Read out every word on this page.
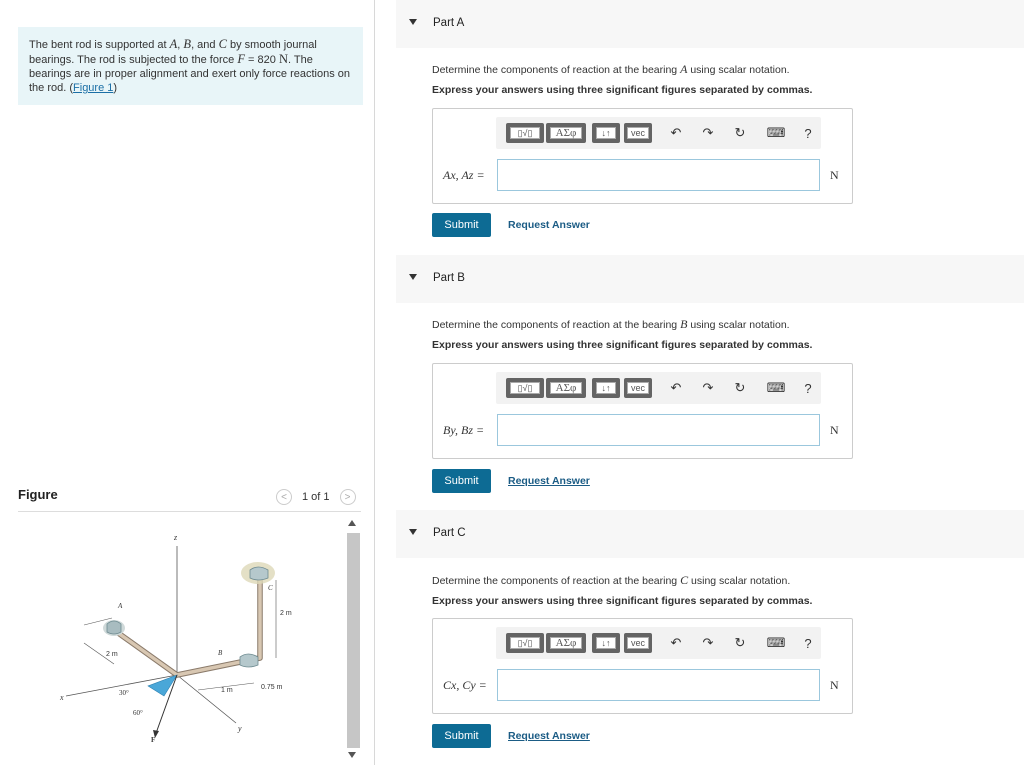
The bent rod is supported at A, B, and C by smooth journal bearings. The rod is subjected to the force F = 820 N. The bearings are in proper alignment and exert only force reactions on the rod. (Figure 1)
Figure	< 1 of 1 >
z
x
y
F
A
B
C
2 m
2 m
1 m	0.75 m
30°
60°
Part A
Determine the components of reaction at the bearing A using scalar notation.
Express your answers using three significant figures separated by commas.
▯√▯	ΑΣφ	↓↑	vec	↶ ↷ ↻ ⌨	?
Ax, Az =	N
Submit	Request Answer
Part B
Determine the components of reaction at the bearing B using scalar notation.
Express your answers using three significant figures separated by commas.
▯√▯	ΑΣφ	↓↑	vec	↶ ↷ ↻ ⌨	?
By, Bz =	N
Submit	Request Answer
Part C
Determine the components of reaction at the bearing C using scalar notation.
Express your answers using three significant figures separated by commas.
▯√▯	ΑΣφ	↓↑	vec	↶ ↷ ↻ ⌨	?
Cx, Cy =	N
Submit	Request Answer
